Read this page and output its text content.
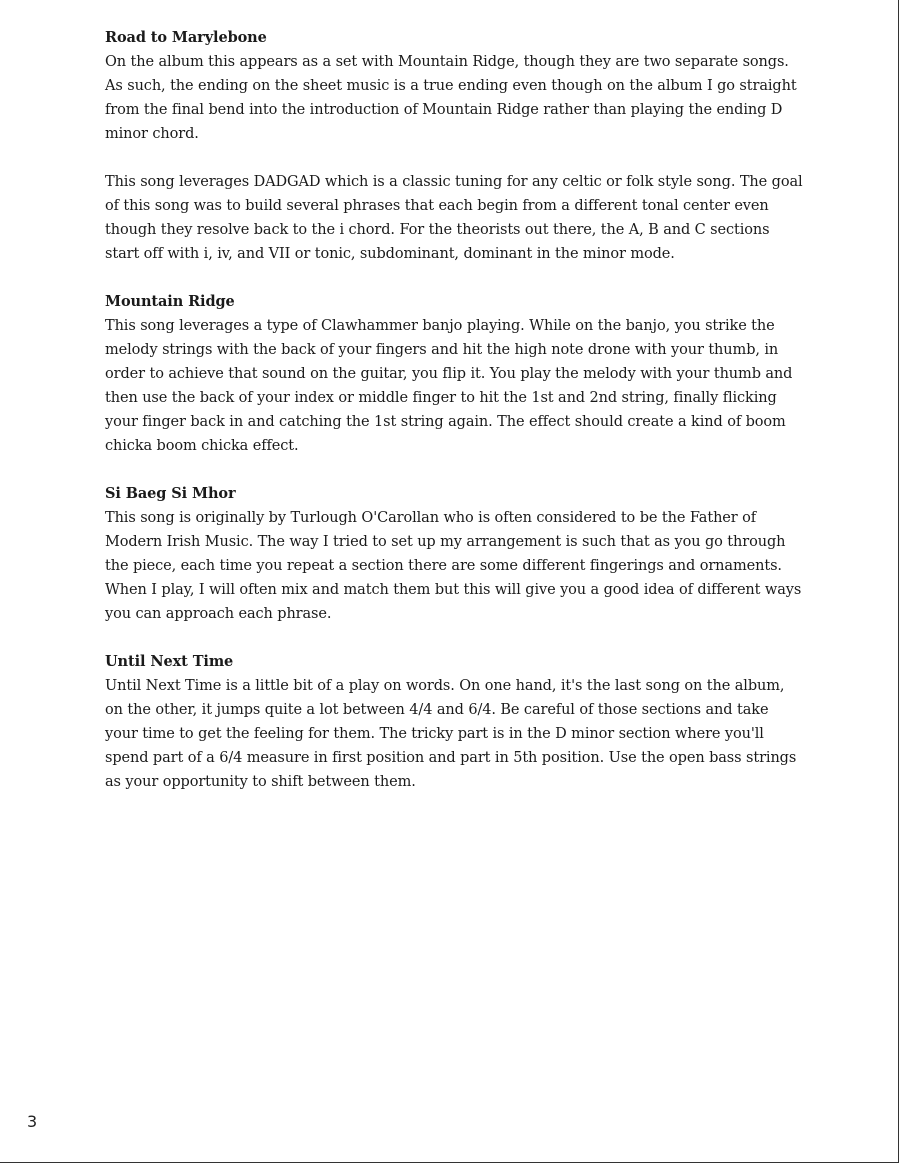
Road to Marylebone

On the album this appears as a set with Mountain Ridge, though they are two separate songs. As such, the ending on the sheet music is a true ending even though on the album I go straight from the final bend into the introduction of Mountain Ridge rather than playing the ending D minor chord.

This song leverages DADGAD which is a classic tuning for any celtic or folk style song. The goal of this song was to build several phrases that each begin from a different tonal center even though they resolve back to the i chord. For the theorists out there, the A, B and C sections start off with i, iv, and VII or tonic, subdominant, dominant in the minor mode.

Mountain Ridge

This song leverages a type of Clawhammer banjo playing. While on the banjo, you strike the melody strings with the back of your fingers and hit the high note drone with your thumb, in order to achieve that sound on the guitar, you flip it. You play the melody with your thumb and then use the back of your index or middle finger to hit the 1st and 2nd string, finally flicking your finger back in and catching the 1st string again. The effect should create a kind of boom chicka boom chicka effect.

Si Baeg Si Mhor

This song is originally by Turlough O'Carollan who is often considered to be the Father of Modern Irish Music. The way I tried to set up my arrangement is such that as you go through the piece, each time you repeat a section there are some different fingerings and ornaments. When I play, I will often mix and match them but this will give you a good idea of different ways you can approach each phrase.

Until Next Time

Until Next Time is a little bit of a play on words. On one hand, it's the last song on the album, on the other, it jumps quite a lot between 4/4 and 6/4. Be careful of those sections and take your time to get the feeling for them. The tricky part is in the D minor section where you'll spend part of a 6/4 measure in first position and part in 5th position. Use the open bass strings as your opportunity to shift between them.

3
